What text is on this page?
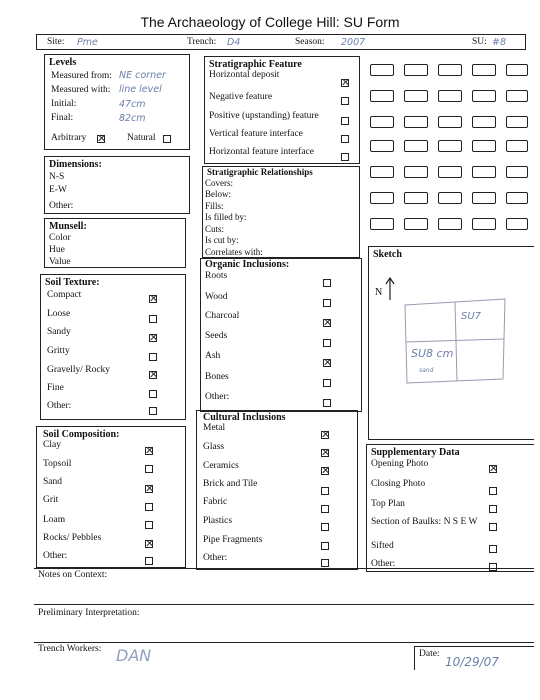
The Archaeology of College Hill: SU Form
Site: Pme	Trench: D4	Season: 2007	SU: #8
Levels
Measured from: NE corner
Measured with: line level
Initial:	47cm
Final:	82cm
Arbitrary
✕	Natural
Dimensions:
N-S
E-W
Other:
Munsell:
Color
Hue
Value
Soil Texture:
Compact
✕
Loose
Sandy
✕
Gritty
Gravelly/ Rocky
✕
Fine
Other:
Soil Composition:
Clay
✕
Topsoil
Sand
✕
Grit
Loam
Rocks/ Pebbles
✕
Other:
Stratigraphic Feature
Horizontal deposit
✕
Negative feature
Positive (upstanding) feature
Vertical feature interface
Horizontal feature interface
Stratigraphic Relationships
Covers:
Below:
Fills:
Is filled by:
Cuts:
Is cut by:
Correlates with:
Organic Inclusions:
Roots
Wood
Charcoal
✕
Seeds
Ash
✕
Bones
Other:
Cultural Inclusions
Metal
✕
Glass
✕
Ceramics
✕
Brick and Tile
Fabric
Plastics
Pipe Fragments
Other:
Sketch
N
SU7
SU8 cm
sand
Supplementary Data
Opening Photo
✕
Closing Photo
Top Plan
Section of Baulks: N S E W
Sifted
Other:
Notes on Context:
Preliminary Interpretation:
Trench Workers: DAN	Date:
10/29/07
